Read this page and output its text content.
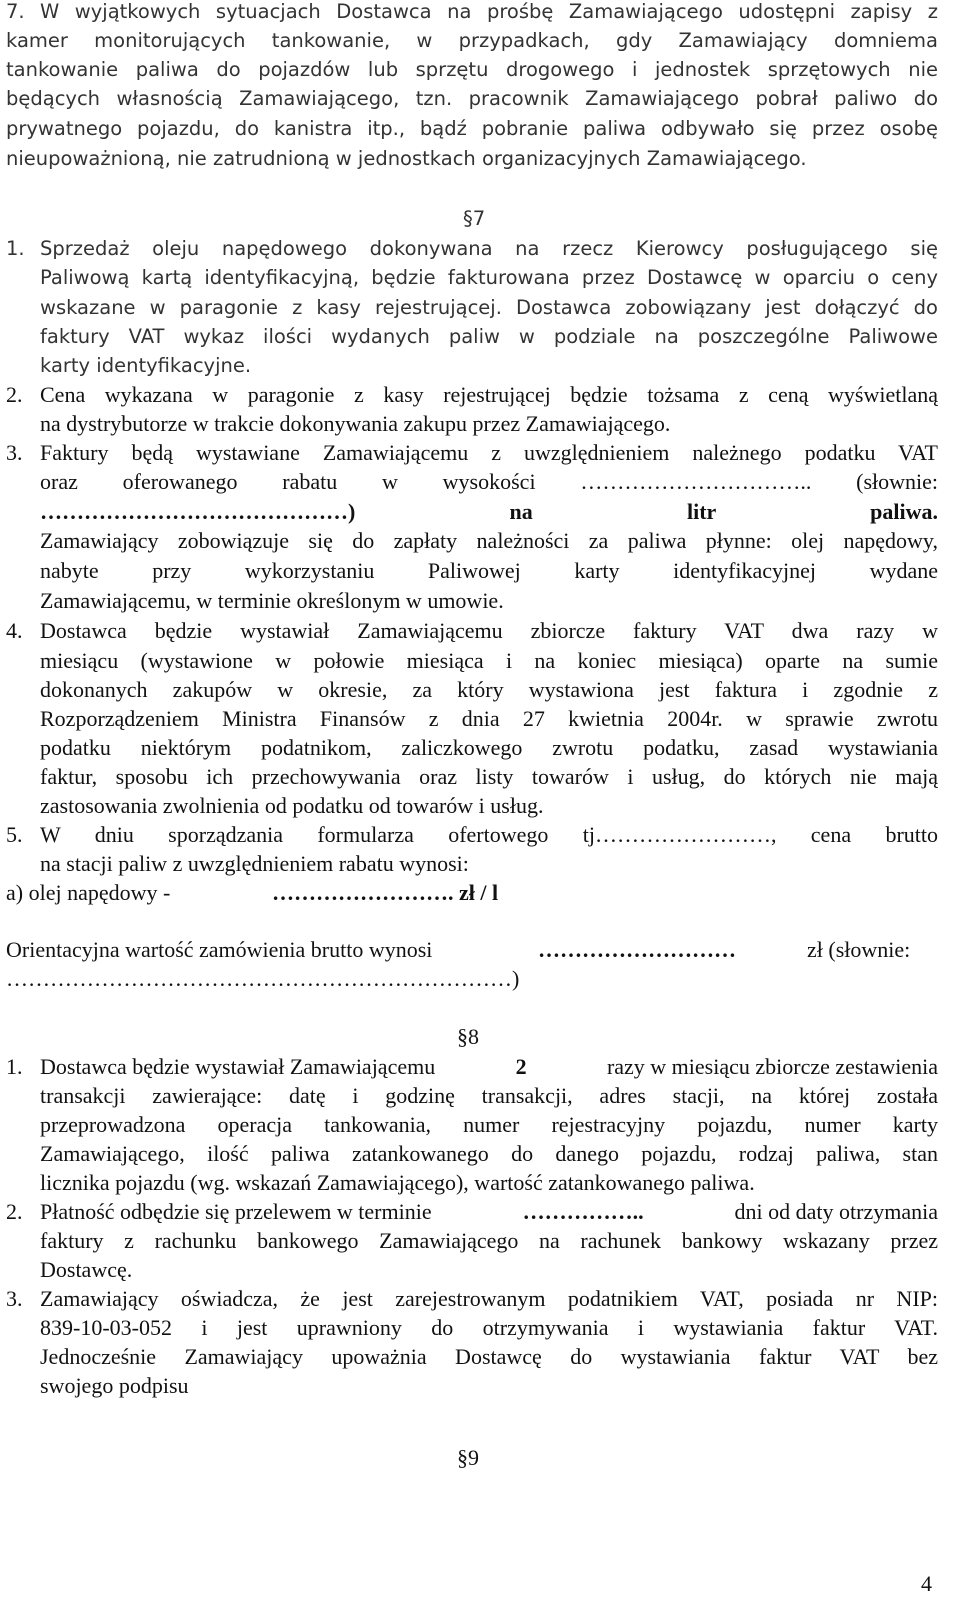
7. W wyjątkowych sytuacjach Dostawca na prośbę Zamawiającego udostępni zapisy z
kamer monitorujących tankowanie, w przypadkach, gdy Zamawiający domniema
tankowanie paliwa do pojazdów lub sprzętu drogowego i jednostek sprzętowych nie
będących własnością Zamawiającego, tzn. pracownik Zamawiającego pobrał paliwo do
prywatnego pojazdu, do kanistra itp., bądź pobranie paliwa odbywało się przez osobę
nieupoważnioną, nie zatrudnioną w jednostkach organizacyjnych Zamawiającego.
§7
1. Sprzedaż oleju napędowego dokonywana na rzecz Kierowcy posługującego się
Paliwową kartą identyfikacyjną, będzie fakturowana przez Dostawcę w oparciu o ceny
wskazane w paragonie z kasy rejestrującej. Dostawca zobowiązany jest dołączyć do
faktury VAT wykaz ilości wydanych paliw w podziale na poszczególne Paliwowe
karty identyfikacyjne.
2. Cena wykazana w paragonie z kasy rejestrującej będzie tożsama z ceną wyświetlaną
na dystrybutorze w trakcie dokonywania zakupu przez Zamawiającego.
3. Faktury będą wystawiane Zamawiającemu z uwzględnieniem należnego podatku VAT
oraz oferowanego rabatu w wysokości ………………………….. (słownie:
……………………………………) na litr paliwa.
Zamawiający zobowiązuje się do zapłaty należności za paliwa płynne: olej napędowy,
nabyte przy wykorzystaniu Paliwowej karty identyfikacyjnej wydane
Zamawiającemu, w terminie określonym w umowie.
4. Dostawca będzie wystawiał Zamawiającemu zbiorcze faktury VAT dwa razy w
miesiącu (wystawione w połowie miesiąca i na koniec miesiąca) oparte na sumie
dokonanych zakupów w okresie, za który wystawiona jest faktura i zgodnie z
Rozporządzeniem Ministra Finansów z dnia 27 kwietnia 2004r. w sprawie zwrotu
podatku niektórym podatnikom, zaliczkowego zwrotu podatku, zasad wystawiania
faktur, sposobu ich przechowywania oraz listy towarów i usług, do których nie mają
zastosowania zwolnienia od podatku od towarów i usług.
5. W dniu sporządzania formularza ofertowego tj……………………, cena brutto
na stacji paliw z uwzględnieniem rabatu wynosi:
a) olej napędowy -	……………………. zł / l
Orientacyjna wartość zamówienia brutto wynosi	………………………	zł (słownie:
……………………………………………………………)
§8
1. Dostawca będzie wystawiał Zamawiającemu	2	razy w miesiącu zbiorcze zestawienia
transakcji zawierające: datę i godzinę transakcji, adres stacji, na której została
przeprowadzona operacja tankowania, numer rejestracyjny pojazdu, numer karty
Zamawiającego, ilość paliwa zatankowanego do danego pojazdu, rodzaj paliwa, stan
licznika pojazdu (wg. wskazań Zamawiającego), wartość zatankowanego paliwa.
2. Płatność odbędzie się przelewem w terminie	……………..	dni od daty otrzymania
faktury z rachunku bankowego Zamawiającego na rachunek bankowy wskazany przez
Dostawcę.
3. Zamawiający oświadcza, że jest zarejestrowanym podatnikiem VAT, posiada nr NIP:
839-10-03-052 i jest uprawniony do otrzymywania i wystawiania faktur VAT.
Jednocześnie Zamawiający upoważnia Dostawcę do wystawiania faktur VAT bez
swojego podpisu
§9
4
